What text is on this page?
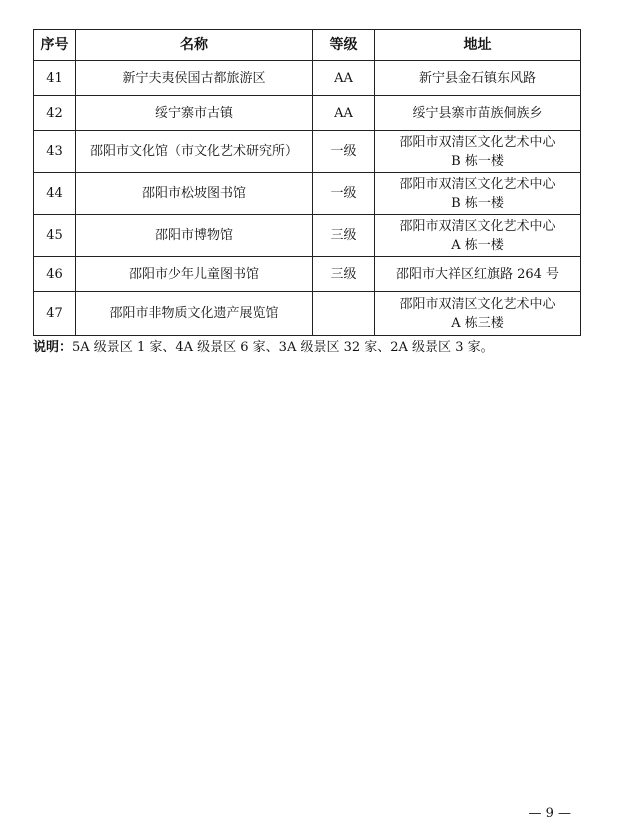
序号	名称	等级	地址
41	新宁夫夷侯国古都旅游区	AA	新宁县金石镇东风路

42	绥宁寨市古镇	AA	绥宁县寨市苗族侗族乡

43	邵阳市文化馆（市文化艺术研究所）	一级	邵阳市双清区文化艺术中心
B 栋一楼

44	邵阳市松坡图书馆	一级	邵阳市双清区文化艺术中心
B 栋一楼

45	邵阳市博物馆	三级	邵阳市双清区文化艺术中心
A 栋一楼

46	邵阳市少年儿童图书馆	三级	邵阳市大祥区红旗路 264 号

47	邵阳市非物质文化遗产展览馆		邵阳市双清区文化艺术中心
A 栋三楼
说明：5A 级景区 1 家、4A 级景区 6 家、3A 级景区 32 家、2A 级景区 3 家。
— 9 —
